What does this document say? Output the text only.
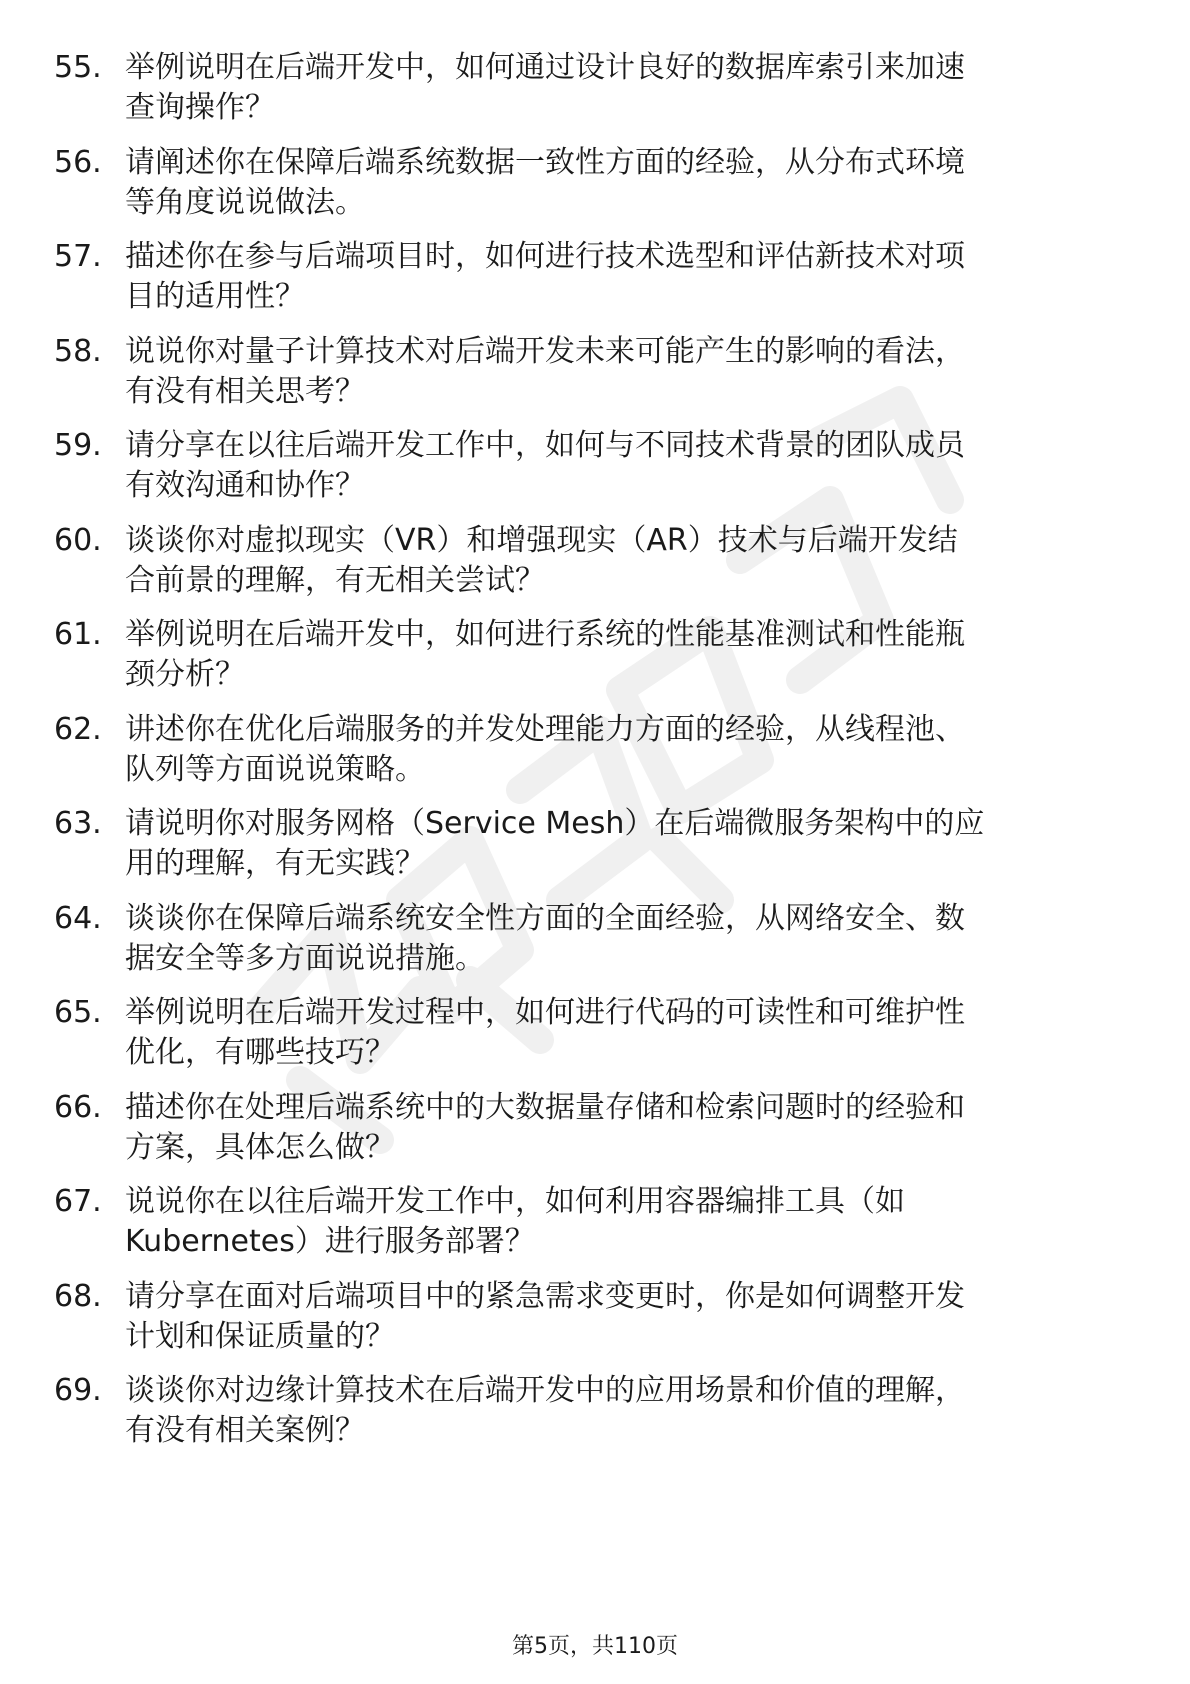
55. 举例说明在后端开发中，如何通过设计良好的数据库索引来加速
查询操作？
56. 请阐述你在保障后端系统数据一致性方面的经验，从分布式环境
等角度说说做法。
57. 描述你在参与后端项目时，如何进行技术选型和评估新技术对项
目的适用性？
58. 说说你对量子计算技术对后端开发未来可能产生的影响的看法，
有没有相关思考？
59. 请分享在以往后端开发工作中，如何与不同技术背景的团队成员
有效沟通和协作？
60. 谈谈你对虚拟现实（VR）和增强现实（AR）技术与后端开发结
合前景的理解，有无相关尝试？
61. 举例说明在后端开发中，如何进行系统的性能基准测试和性能瓶
颈分析？
62. 讲述你在优化后端服务的并发处理能力方面的经验，从线程池、
队列等方面说说策略。
63. 请说明你对服务网格（Service Mesh）在后端微服务架构中的应
用的理解，有无实践？
64. 谈谈你在保障后端系统安全性方面的全面经验，从网络安全、数
据安全等多方面说说措施。
65. 举例说明在后端开发过程中，如何进行代码的可读性和可维护性
优化，有哪些技巧？
66. 描述你在处理后端系统中的大数据量存储和检索问题时的经验和
方案，具体怎么做？
67. 说说你在以往后端开发工作中，如何利用容器编排工具（如
Kubernetes）进行服务部署？
68. 请分享在面对后端项目中的紧急需求变更时，你是如何调整开发
计划和保证质量的？
69. 谈谈你对边缘计算技术在后端开发中的应用场景和价值的理解，
有没有相关案例？
第5页，共110页
